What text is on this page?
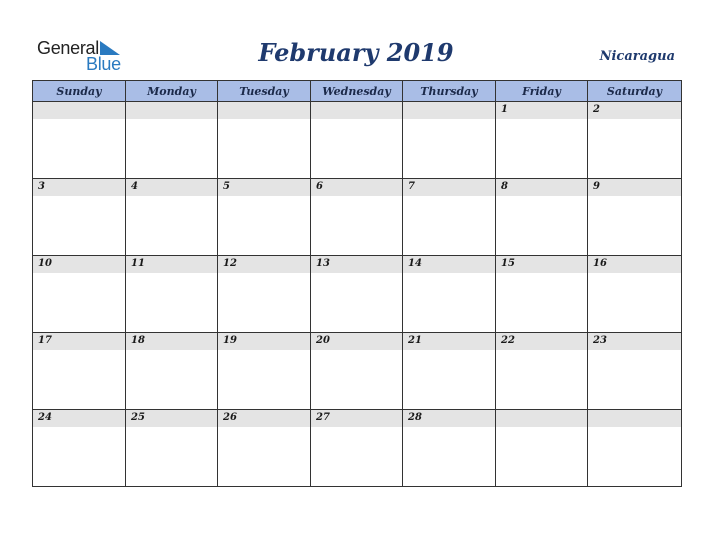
General
Blue	February 2019	Nicaragua
Sunday	Monday	Tuesday	Wednesday	Thursday	Friday	Saturday

					1	2

3	4	5	6	7	8	9

10	11	12	13	14	15	16

17	18	19	20	21	22	23

24	25	26	27	28		
